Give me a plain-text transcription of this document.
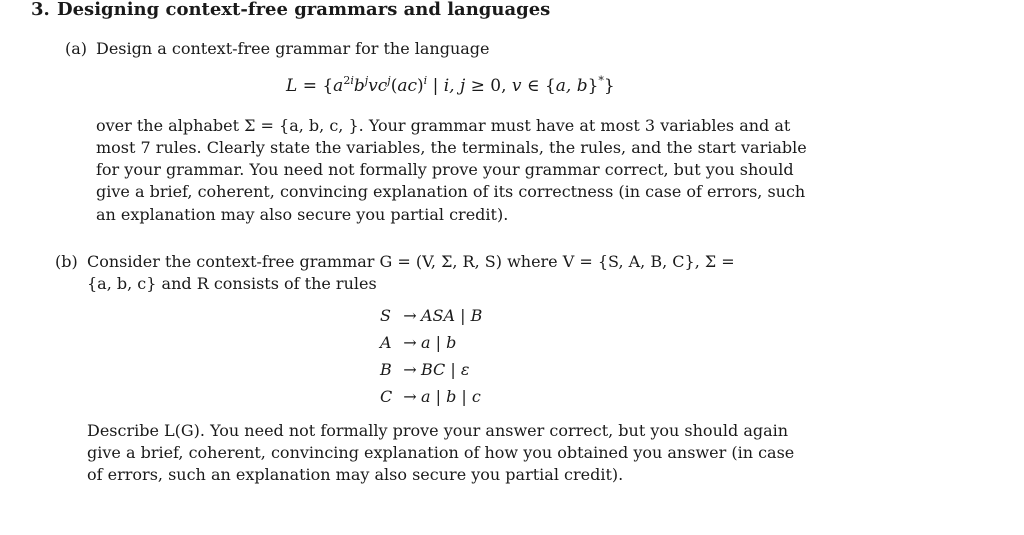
3. Designing context-free grammars and languages
(a) Design a context-free grammar for the language
$L = \{a^{2i}b^jvc^j(ac)^i$ | i, j ≥ 0, v ∈ {a, b}*}
over the alphabet Σ = {a, b, c, }. Your grammar must have at most 3 variables and at
most 7 rules. Clearly state the variables, the terminals, the rules, and the start variable
for your grammar. You need not formally prove your grammar correct, but you should
give a brief, coherent, convincing explanation of its correctness (in case of errors, such
an explanation may also secure you partial credit).
(b) Consider the context-free grammar G = (V, Σ, R, S) where V = {S, A, B, C}, Σ =
{a, b, c} and R consists of the rules
S → ASA | B
A → a | b
B → BC | ε
C → a | b | c
Describe L(G). You need not formally prove your answer correct, but you should again
give a brief, coherent, convincing explanation of how you obtained you answer (in case
of errors, such an explanation may also secure you partial credit).
